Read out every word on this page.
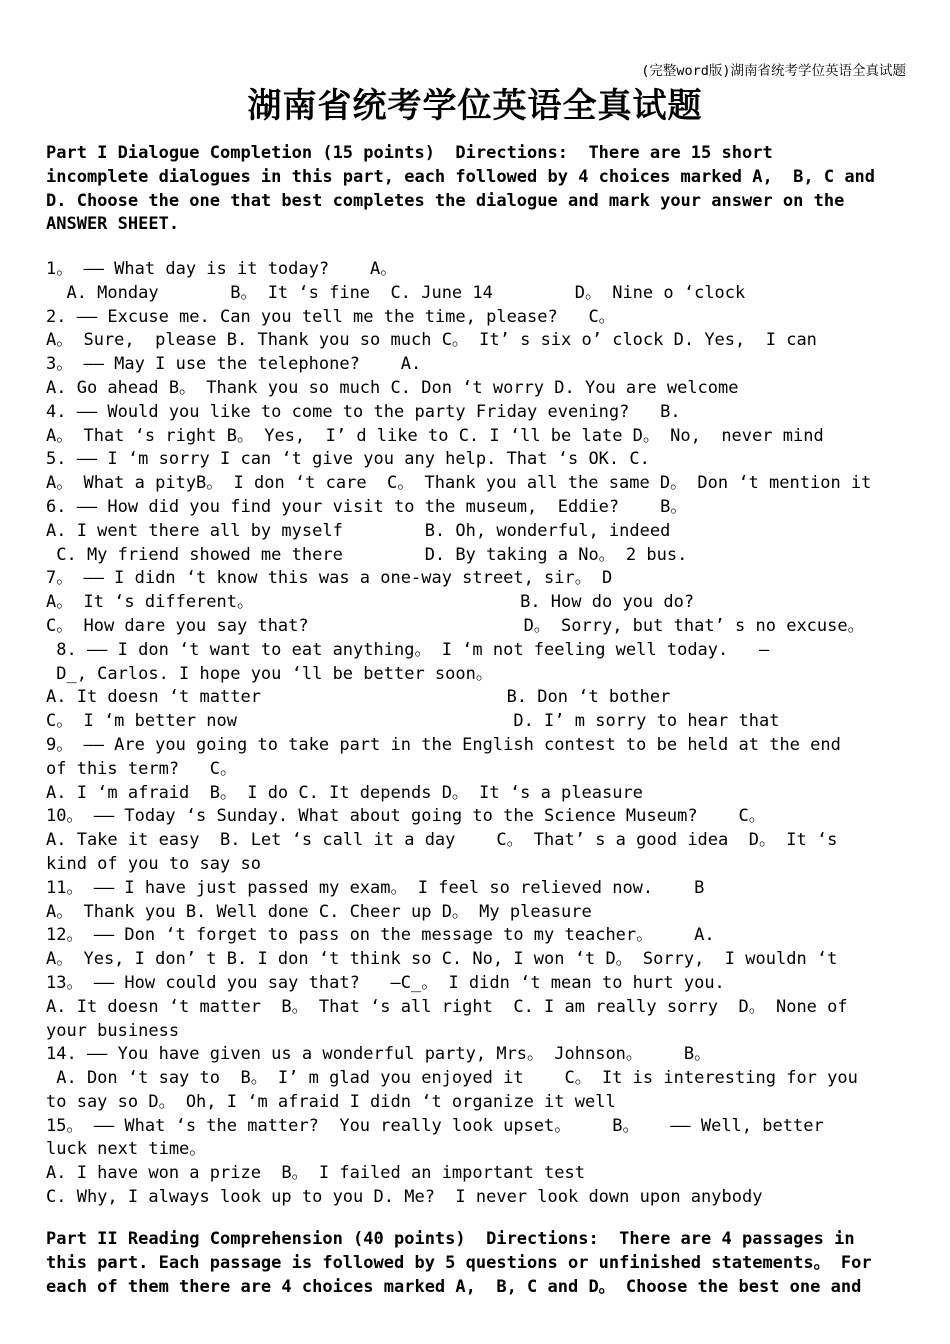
(完整word版)湖南省统考学位英语全真试题
湖南省统考学位英语全真试题
Part I Dialogue Completion (15 points)  Directions:  There are 15 short
incomplete dialogues in this part, each followed by 4 choices marked A,  B, C and
D. Choose the one that best completes the dialogue and mark your answer on the
ANSWER SHEET.
1。 —— What day is it today?    A。
A. Monday       B。 It ‘s fine  C. June 14        D。 Nine o ‘clock
2. —— Excuse me. Can you tell me the time, please?   C。
A。 Sure,  please B. Thank you so much C。 It’ s six o’ clock D. Yes,  I can
3。 —— May I use the telephone?    A.
A. Go ahead B。 Thank you so much C. Don ‘t worry D. You are welcome
4. —— Would you like to come to the party Friday evening?   B.
A。 That ‘s right B。 Yes,  I’ d like to C. I ‘ll be late D。 No,  never mind
5. —— I ‘m sorry I can ‘t give you any help. That ‘s OK. C.
A。 What a pityB。 I don ‘t care  C。 Thank you all the same D。 Don ‘t mention it
6. —— How did you find your visit to the museum,  Eddie?    B。
A. I went there all by myself        B. Oh, wonderful, indeed
C. My friend showed me there        D. By taking a No。 2 bus.
7。 —— I didn ‘t know this was a one-way street, sir。 D
A。 It ‘s different。                          B. How do you do?
C。 How dare you say that?                     D。 Sorry, but that’ s no excuse。
8. —— I don ‘t want to eat anything。 I ‘m not feeling well today.   —
D_, Carlos. I hope you ‘ll be better soon。
A. It doesn ‘t matter                        B. Don ‘t bother
C。 I ‘m better now                           D. I’ m sorry to hear that
9。 —— Are you going to take part in the English contest to be held at the end
of this term?   C。
A. I ‘m afraid  B。 I do C. It depends D。 It ‘s a pleasure
10。 —— Today ‘s Sunday. What about going to the Science Museum?    C。
A. Take it easy  B. Let ‘s call it a day    C。 That’ s a good idea  D。 It ‘s
kind of you to say so
11。 —— I have just passed my exam。 I feel so relieved now.    B
A。 Thank you B. Well done C. Cheer up D。 My pleasure
12。 —— Don ‘t forget to pass on the message to my teacher。    A.
A。 Yes, I don’ t B. I don ‘t think so C. No, I won ‘t D。 Sorry,  I wouldn ‘t
13。 —— How could you say that?   —C_。 I didn ‘t mean to hurt you.
A. It doesn ‘t matter  B。 That ‘s all right  C. I am really sorry  D。 None of
your business
14. —— You have given us a wonderful party, Mrs。 Johnson。    B。
A. Don ‘t say to  B。 I’ m glad you enjoyed it    C。 It is interesting for you
to say so D。 Oh, I ‘m afraid I didn ‘t organize it well
15。 —— What ‘s the matter?  You really look upset。    B。   —— Well, better
luck next time。
A. I have won a prize  B。 I failed an important test
C. Why, I always look up to you D. Me?  I never look down upon anybody
Part II Reading Comprehension (40 points)  Directions:  There are 4 passages in
this part. Each passage is followed by 5 questions or unfinished statements。 For
each of them there are 4 choices marked A,  B, C and D。 Choose the best one and
